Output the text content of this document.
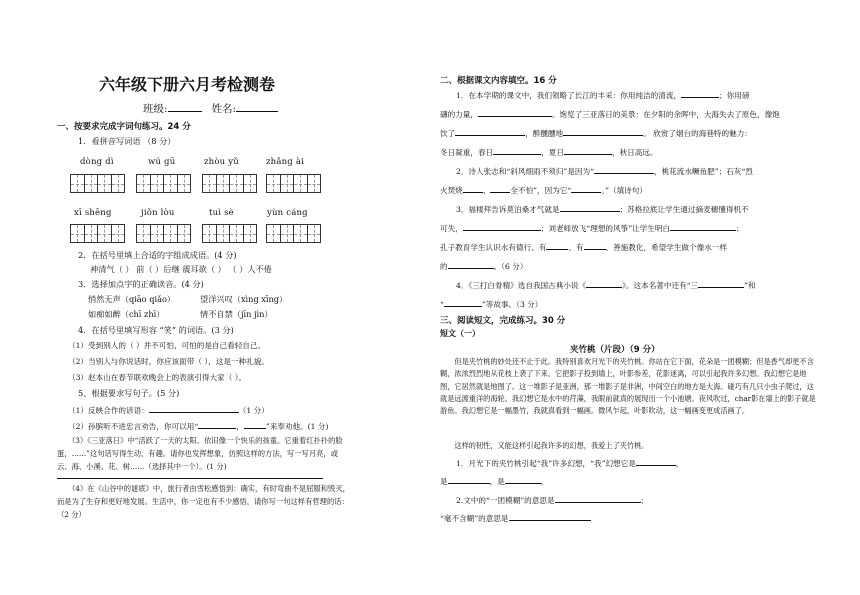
六年级下册六月考检测卷
班级:	姓名:
一、按要求完成字词句练习。24 分
1．看拼音写词语 （8 分）
dòng dì	wú gū	zhòu yǔ	zhǎng ài
xī shēng	jiǒn lòu	tuì sè	yùn cáng
2．在括号里填上合适的字组成成语。(4 分)
神清气（ ） 前（ ）后继 震耳欲（ ） （ ）人不倦
3．选择加点字的正确读音。(4 分)
悄然无声（qiāo qiǎo）	望洋兴叹（xìng xīng）
如痴如醉（chī zhī）	情不自禁（jīn jìn）
4．在括号里填写形容 “笑” 的词语。(3 分)
（1）受到别人的（ ）并不可怕，可怕的是自己看轻自己。
（2）当别人与你说话时，你应该面带（ ），这是一种礼貌。
（3）赵本山在春节联欢晚会上的表演引得大家（ ）。
5、根据要求写句子。(5 分)
（1）反映合作的谚语：	（1 分）
（2）孙膑听不进忠言劝告，你可以用“	，	”来奉劝他。(1 分)
（3）《三亚落日》中“活跃了一天的太阳。依旧像一个快乐的孩童。它重着红扑扑的脸
蛋，……”这句话写得生动、有趣。请你也发挥想象，仿照这样的方法，写一写月亮，或
云、海、小溪、花、树……（选择其中一个）。(1 分)
（4）在《山谷中的谜底》中，旅行者由雪松感悟到：确实，有时弯曲不是屈服和毁灭，
而是为了生存和更好地发展。生活中，你一定也有不少感悟，请你写一句这样有哲理的话：
（2 分）
二、根据课文内容填空。16 分
1．在本学期的课文中，我们领略了长江的丰采：你用纯洁的清流，	；你用磅
礴的力量，	。饱览了三亚落日的美景：在夕阳的余晖中，大海失去了原色，像饱
饮了	，醉醺醺地	。 欣赏了烟台的海巷特的魅力：
冬日凝重，春日	，夏日	，秋日高远。
2．诗人张志和“斜风细雨不须归”是因为“	，桃花流水鳜鱼肥”；石灰“烈
火焚烧	、	全不怕”，因为它“	。”（填诗句）
3．福楼拜告诉莫泊桑才气就是	；苏格拉底让学生通过摘麦穗懂得机不
可失，	；刘老师放飞“理想的风筝”让学生明白	；
孔子教育学生认识水有德行、有	、有	、善施教化，希望学生做个像水一样
的	。（6 分）
4．《三打白骨精》选自我国古典小说《	》。这本名著中还有“三	”和
“	”等故事。（3 分）
三、阅读短文，完成练习。30 分
短文（一）
夹竹桃（片段）（9 分）
但是夹竹桃的妙处还不止于此。我特别喜欢月光下的夹竹桃。你站在它下面，花朵是一团模糊；但是香气却更不含糊，浓浓烈烈地从花枝上袭了下来。它把影子投到墙上，叶影参差，花影迷离，可以引起我许多幻想。我幻想它是地图，它居然就是地图了。这一堆影子是亚洲，那一堆影子是非洲，中间空白的地方是大海。碰巧有几只小虫子爬过，这就是远渡重洋的海轮。我幻想它是水中的荇藻，我眼前就真的展现出一个小池塘。夜风吹过，char影在墙上的影子就是游鱼。我幻想它是一幅墨竹，我就真看到一幅画。微风乍起，叶影吹动，这一幅画变更成活画了。
这样的韧性，又能这样引起我许多的幻想，我爱上了夹竹桃。
1．月光下的夹竹桃引起“我”许多幻想，“我”幻想它是	，
是	，是	。
2.文中的“一团模糊”的意思是	；
“毫不含糊”的意思是
